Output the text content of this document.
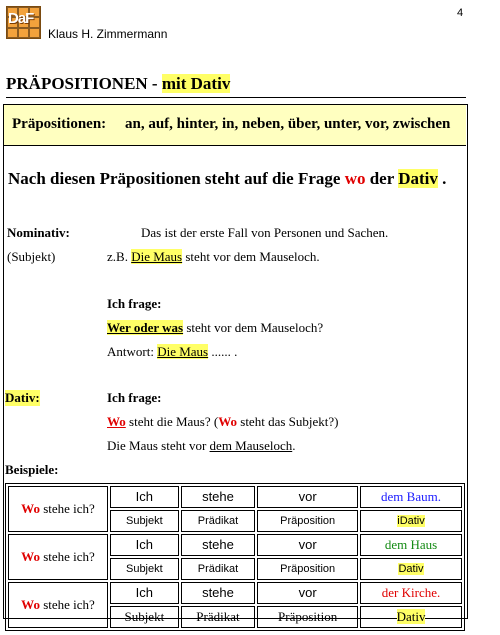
DaF
Klaus H. Zimmermann
4
PRÄPOSITIONEN - mit Dativ
Präpositionen: an, auf, hinter, in, neben, über, unter, vor, zwischen
Nach diesen Präpositionen steht auf die Frage wo der Dativ .
Nominativ:	Das ist der erste Fall von Personen und Sachen.
(Subjekt)	z.B. Die Maus steht vor dem Mauseloch.
Ich frage:
Wer oder was steht vor dem Mauseloch?
Antwort: Die Maus ...... .
Dativ:	Ich frage:
Wo steht die Maus? (Wo steht das Subjekt?)
Die Maus steht vor dem Mauseloch.
Beispiele:
Wo stehe ich?	Ich	stehe	vor	dem Baum.
	Subjekt	Prädikat	Präposition	iDativ
Wo stehe ich?	Ich	stehe	vor	dem Haus
	Subjekt	Prädikat	Präposition	Dativ
Wo stehe ich?	Ich	stehe	vor	der Kirche.
	Subjekt	Prädikat	Präposition	Dativ
